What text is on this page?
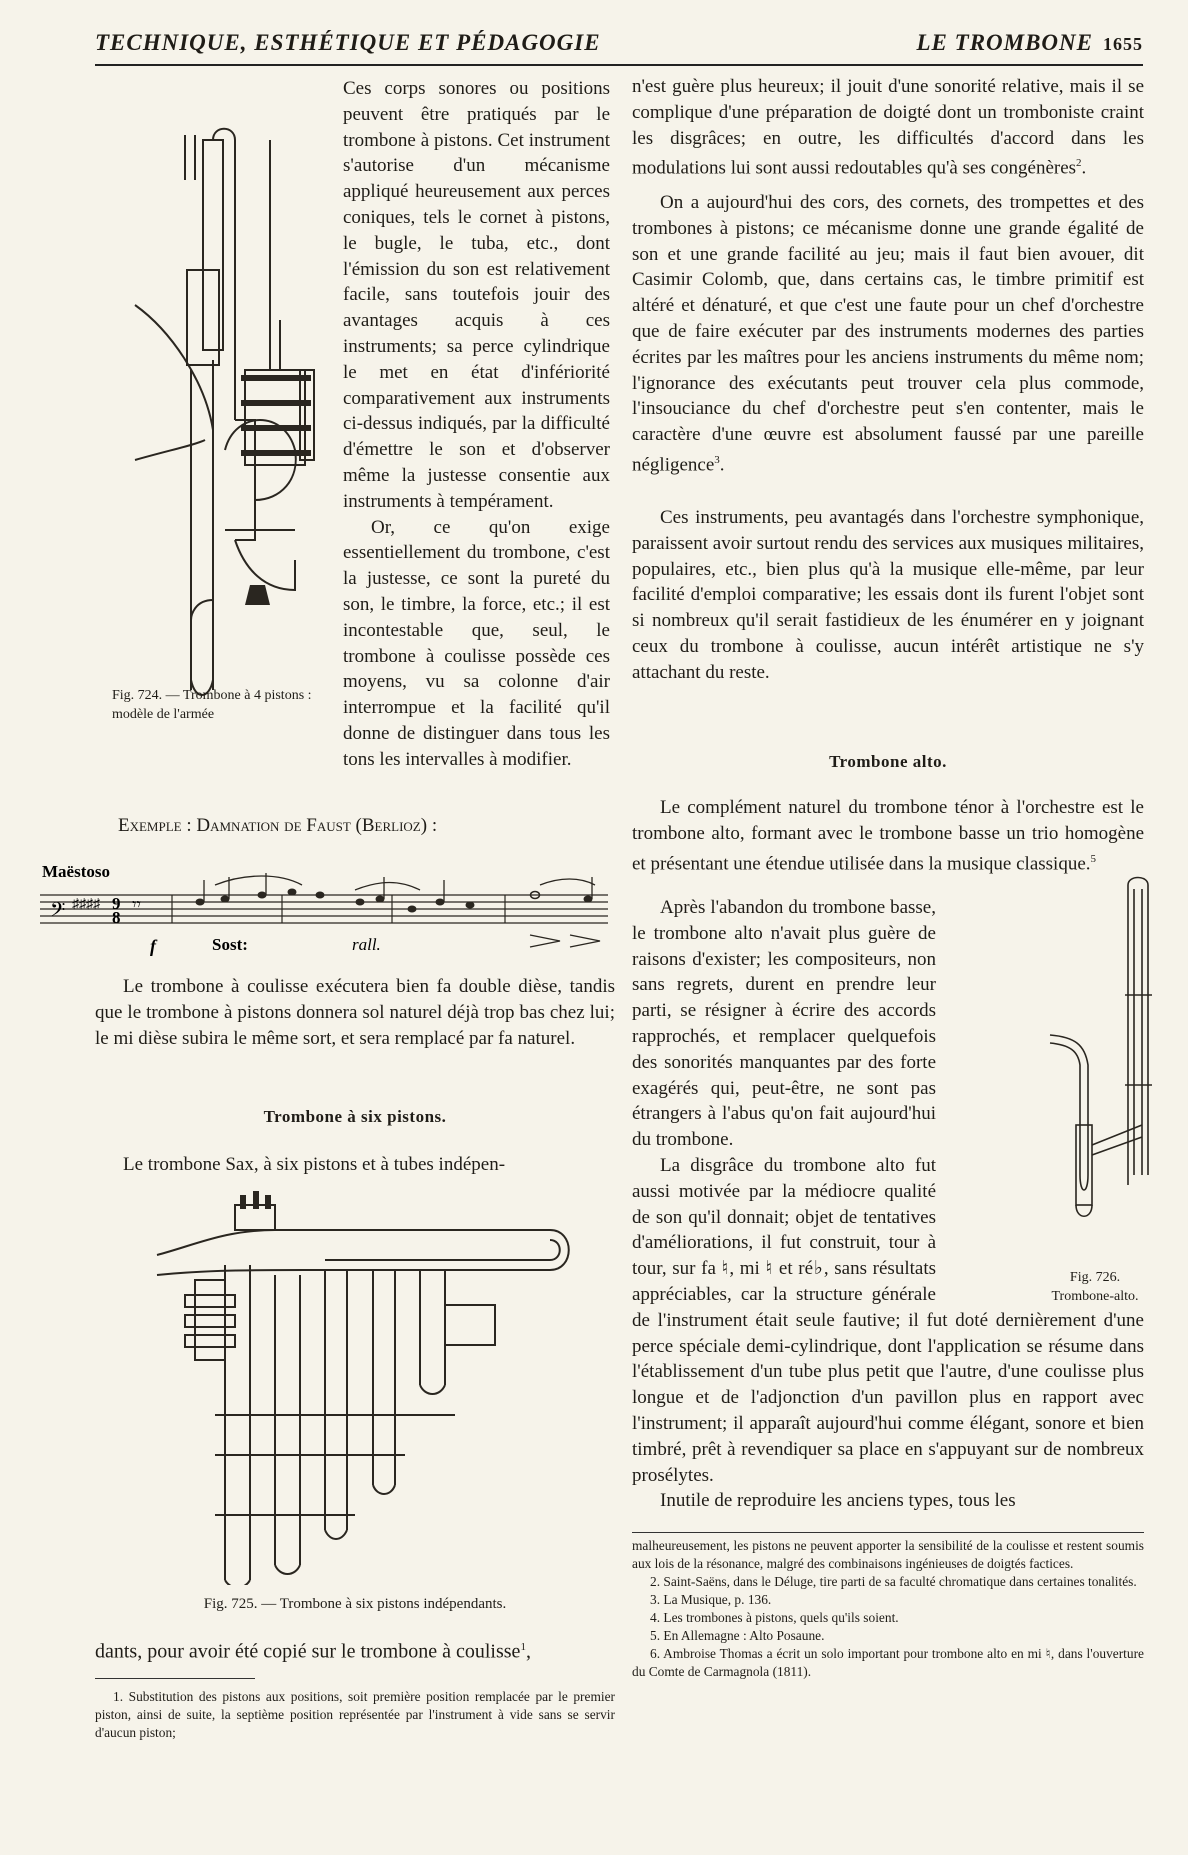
TECHNIQUE, ESTHÉTIQUE ET PÉDAGOGIE	LE TROMBONE 1655
Ces corps sonores ou positions peuvent être pratiqués par le trombone à pistons. Cet instrument s'autorise d'un mécanisme appliqué heureusement aux perces coniques, tels le cornet à pistons, le bugle, le tuba, etc., dont l'émission du son est relativement facile, sans toutefois jouir des avantages acquis à ces instruments; sa perce cylindrique le met en état d'infériorité comparativement aux instruments ci-dessus indiqués, par la difficulté d'émettre le son et d'observer même la justesse consentie aux instruments à tempérament.
Or, ce qu'on exige essentiellement du trombone, c'est la justesse, ce sont la pureté du son, le timbre, la force, etc.; il est incontestable que, seul, le trombone à coulisse possède ces moyens, vu sa colonne d'air interrompue et la facilité qu'il donne de distinguer dans tous les tons les intervalles à modifier.
Fig. 724. — Trombone à 4 pistons : modèle de l'armée
Exemple : Damnation de Faust (Berlioz) :
Maëstoso
𝄢 ♯♯♯♯ 9
8
𝄾𝄾
f	Sost:	rall.
Le trombone à coulisse exécutera bien fa double dièse, tandis que le trombone à pistons donnera sol naturel déjà trop bas chez lui; le mi dièse subira le même sort, et sera remplacé par fa naturel.
Trombone à six pistons.
Le trombone Sax, à six pistons et à tubes indépen-
Fig. 725. — Trombone à six pistons indépendants.
dants, pour avoir été copié sur le trombone à coulisse$^1$,
1. Substitution des pistons aux positions, soit première position remplacée par le premier piston, ainsi de suite, la septième position représentée par l'instrument à vide sans se servir d'aucun piston;
n'est guère plus heureux; il jouit d'une sonorité relative, mais il se complique d'une préparation de doigté dont un tromboniste craint les disgrâces; en outre, les difficultés d'accord dans les modulations lui sont aussi redoutables qu'à ses congénères$^2$.
On a aujourd'hui des cors, des cornets, des trompettes et des trombones à pistons; ce mécanisme donne une grande égalité de son et une grande facilité au jeu; mais il faut bien avouer, dit Casimir Colomb, que, dans certains cas, le timbre primitif est altéré et dénaturé, et que c'est une faute pour un chef d'orchestre que de faire exécuter par des instruments modernes des parties écrites par les maîtres pour les anciens instruments du même nom; l'ignorance des exécutants peut trouver cela plus commode, l'insouciance du chef d'orchestre peut s'en contenter, mais le caractère d'une œuvre est absolument faussé par une pareille négligence$^3$.
Ces instruments, peu avantagés dans l'orchestre symphonique, paraissent avoir surtout rendu des services aux musiques militaires, populaires, etc., bien plus qu'à la musique elle-même, par leur facilité d'emploi comparative; les essais dont ils furent l'objet sont si nombreux qu'il serait fastidieux de les énumérer en y joignant ceux du trombone à coulisse, aucun intérêt artistique ne s'y attachant du reste.
Trombone alto.
Le complément naturel du trombone ténor à l'orchestre est le trombone alto, formant avec le trombone basse un trio homogène et présentant une étendue utilisée dans la musique classique.$^5$
Après l'abandon du trombone basse, le trombone alto n'avait plus guère de raisons d'exister; les compositeurs, non sans regrets, durent en prendre leur parti, se résigner à écrire des accords rapprochés, et remplacer quelquefois des sonorités manquantes par des forte exagérés qui, peut-être, ne sont pas étrangers à l'abus qu'on fait aujourd'hui du trombone.
La disgrâce du trombone alto fut aussi motivée par la médiocre qualité de son qu'il donnait; objet de tentatives d'améliorations, il fut construit, tour à tour, sur fa ♮, mi ♮ et ré♭, sans résultats appréciables, car la structure générale de l'instrument était seule fautive; il fut doté dernièrement d'une perce spéciale demi-cylindrique, dont l'application se résume dans l'établissement d'un tube plus petit que l'autre, d'une coulisse plus longue et de l'adjonction d'un pavillon plus en rapport avec l'instrument; il apparaît aujourd'hui comme élégant, sonore et bien timbré, prêt à revendiquer sa place en s'appuyant sur de nombreux prosélytes.
Inutile de reproduire les anciens types, tous les
Fig. 726.
Trombone-alto.
malheureusement, les pistons ne peuvent apporter la sensibilité de la coulisse et restent soumis aux lois de la résonance, malgré des combinaisons ingénieuses de doigtés factices.
2. Saint-Saëns, dans le Déluge, tire parti de sa faculté chromatique dans certaines tonalités.
3. La Musique, p. 136.
4. Les trombones à pistons, quels qu'ils soient.
5. En Allemagne : Alto Posaune.
6. Ambroise Thomas a écrit un solo important pour trombone alto en mi ♮, dans l'ouverture du Comte de Carmagnola (1811).
